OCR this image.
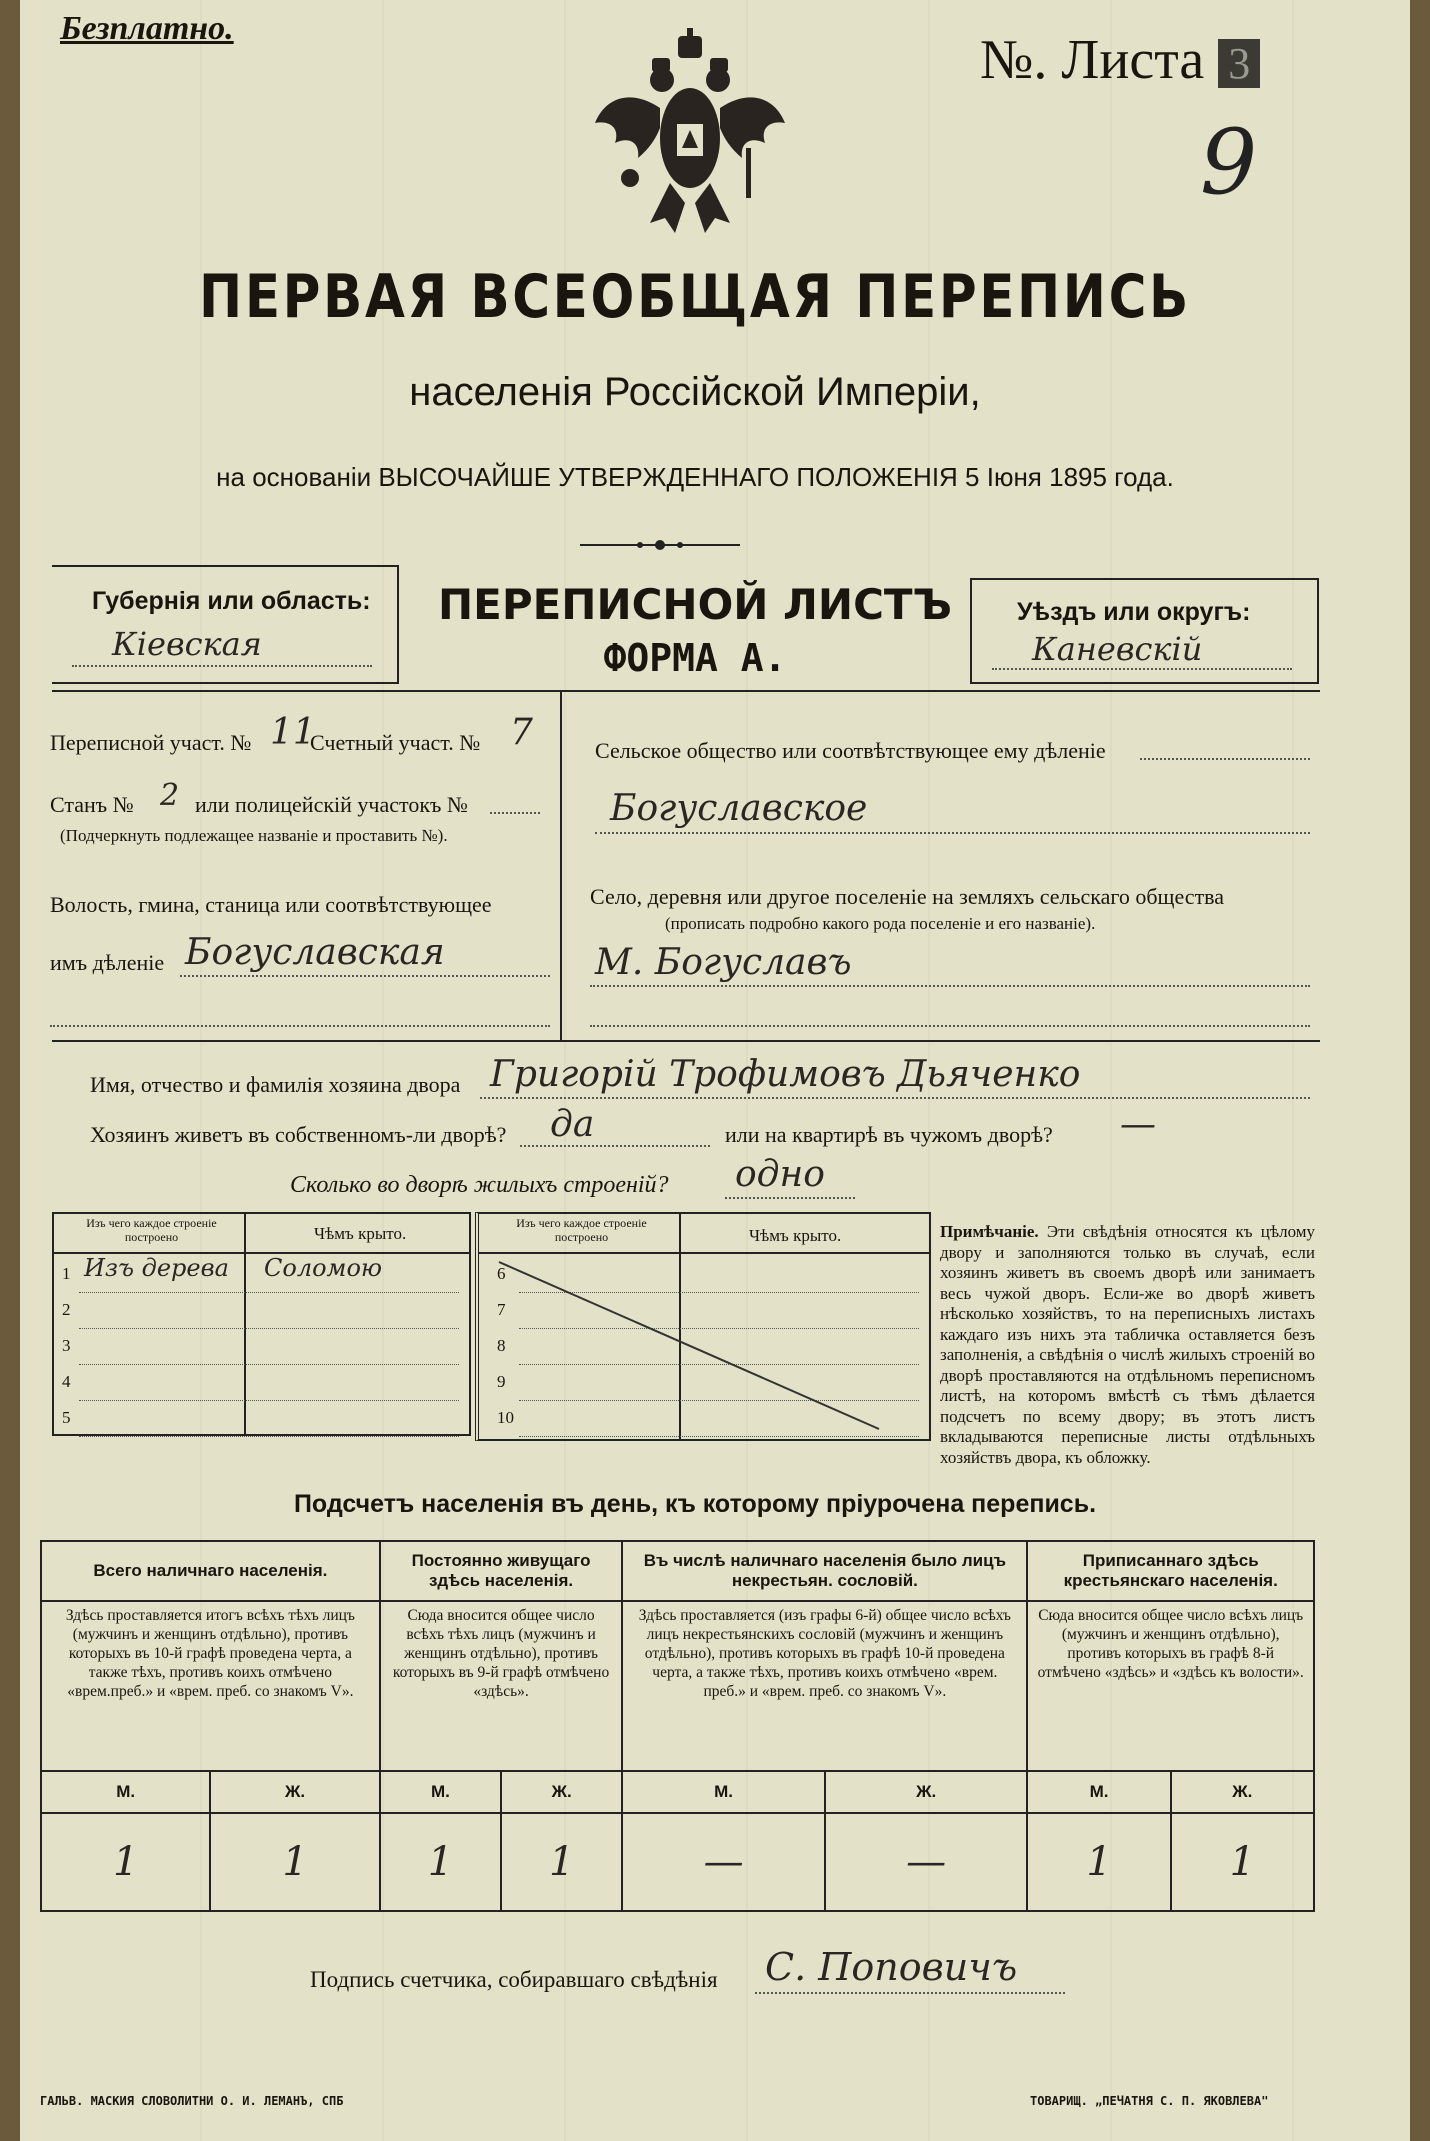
Безплатно.
№. Листа 3
9
ПЕРВАЯ ВСЕОБЩАЯ ПЕРЕПИСЬ
населенія Россійской Имперіи,
на основаніи ВЫСОЧАЙШЕ УТВЕРЖДЕННАГО ПОЛОЖЕНІЯ 5 Іюня 1895 года.
Губернія или область:
Кіевская
ПЕРЕПИСНОЙ ЛИСТЪ
ФОРМА А.
Уѣздъ или округъ:
Каневскій
Переписной участ. № 11
Счетный участ. № 7
Станъ № 2 или полицейскій участокъ №
(Подчеркнуть подлежащее названіе и проставить №).
Волость, гмина, станица или соотвѣтствующее
имъ дѣленіе Богуславская
Сельское общество или соотвѣтствующее ему дѣленіе
Богуславское
Село, деревня или другое поселеніе на земляхъ сельскаго общества
(прописать подробно какого рода поселеніе и его названіе).
М. Богуславъ
Имя, отчество и фамилія хозяина двора Григорій Трофимовъ Дьяченко
Хозяинъ живетъ въ собственномъ-ли дворѣ? да	или на квартирѣ въ чужомъ дворѣ? —
Сколько во дворѣ жилыхъ строеній? одно
Изъ чего каждое строеніе построено	Чѣмъ крыто.
1 Изъ дерева Соломою
2
3
4
5
Изъ чего каждое строеніе построено	Чѣмъ крыто.
6
7
8
9
10
Примѣчаніе. Эти свѣдѣнія относятся къ цѣлому двору и заполняются только въ случаѣ, если хозяинъ живетъ въ своемъ дворѣ или занимаетъ весь чужой дворъ. Если-же во дворѣ живетъ нѣсколько хозяйствъ, то на переписныхъ листахъ каждаго изъ нихъ эта табличка оставляется безъ заполненія, а свѣдѣнія о числѣ жилыхъ строеній во дворѣ проставляются на отдѣльномъ переписномъ листѣ, на которомъ вмѣстѣ съ тѣмъ дѣлается подсчетъ по всему двору; въ этотъ листъ вкладываются переписные листы отдѣльныхъ хозяйствъ двора, къ обложку.
Подсчетъ населенія въ день, къ которому пріурочена перепись.
Всего наличнаго населенія.		Постоянно живущаго здѣсь населенія.		Въ числѣ наличнаго населенія было лицъ некрестьян. сословій.		Приписаннаго здѣсь крестьянскаго населенія.	
Здѣсь проставляется итогъ всѣхъ тѣхъ лицъ (мужчинъ и женщинъ отдѣльно), противъ которыхъ въ 10-й графѣ проведена черта, а также тѣхъ, противъ коихъ отмѣчено «врем.преб.» и «врем. преб. со знакомъ V».		Сюда вносится общее число всѣхъ тѣхъ лицъ (мужчинъ и женщинъ отдѣльно), противъ которыхъ въ 9-й графѣ отмѣчено «здѣсь».		Здѣсь проставляется (изъ графы 6-й) общее число всѣхъ лицъ некрестьянскихъ сословій (мужчинъ и женщинъ отдѣльно), противъ которыхъ въ графѣ 10-й проведена черта, а также тѣхъ, противъ коихъ отмѣчено «врем. преб.» и «врем. преб. со знакомъ V».		Сюда вносится общее число всѣхъ лицъ (мужчинъ и женщинъ отдѣльно), противъ которыхъ въ графѣ 8-й отмѣчено «здѣсь» и «здѣсь къ волости».	
М.	Ж.	М.	Ж.	М.	Ж.	М.	Ж.
1	1	1	1	—	—	1	1
Подпись счетчика, собиравшаго свѣдѣнія С. Поповичъ
ГАЛЬВ. МАСКИЯ СЛОВОЛИТНИ О. И. ЛЕМАНЪ, СПБ	ТОВАРИЩ. „ПЕЧАТНЯ С. П. ЯКОВЛЕВА"
